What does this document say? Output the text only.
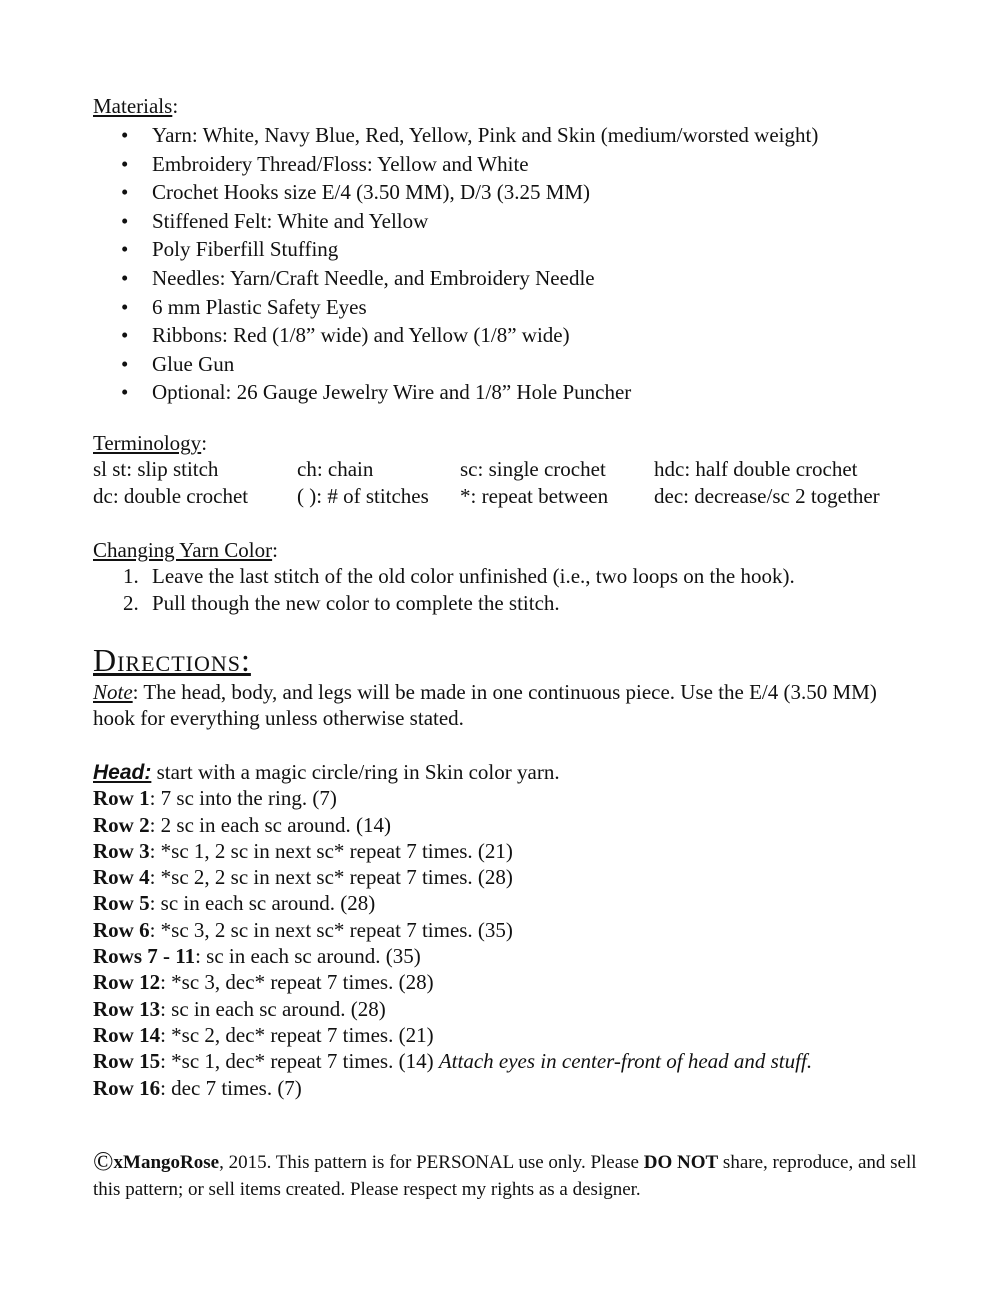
Materials:
• Yarn: White, Navy Blue, Red, Yellow, Pink and Skin (medium/worsted weight)
• Embroidery Thread/Floss: Yellow and White
• Crochet Hooks size E/4 (3.50 MM), D/3 (3.25 MM)
• Stiffened Felt: White and Yellow
• Poly Fiberfill Stuffing
• Needles: Yarn/Craft Needle, and Embroidery Needle
• 6 mm Plastic Safety Eyes
• Ribbons: Red (1/8” wide) and Yellow (1/8” wide)
• Glue Gun
• Optional: 26 Gauge Jewelry Wire and 1/8” Hole Puncher
Terminology:
sl st: slip stitch	ch: chain	sc: single crochet	hdc: half double crochet
dc: double crochet	( ): # of stitches	*: repeat between	dec: decrease/sc 2 together
Changing Yarn Color:
1. Leave the last stitch of the old color unfinished (i.e., two loops on the hook).
2. Pull though the new color to complete the stitch.
Directions:
Note: The head, body, and legs will be made in one continuous piece. Use the E/4 (3.50 MM) hook for everything unless otherwise stated.
Head: start with a magic circle/ring in Skin color yarn.
Row 1: 7 sc into the ring. (7)
Row 2: 2 sc in each sc around. (14)
Row 3: *sc 1, 2 sc in next sc* repeat 7 times. (21)
Row 4: *sc 2, 2 sc in next sc* repeat 7 times. (28)
Row 5: sc in each sc around. (28)
Row 6: *sc 3, 2 sc in next sc* repeat 7 times. (35)
Rows 7 - 11: sc in each sc around. (35)
Row 12: *sc 3, dec* repeat 7 times. (28)
Row 13: sc in each sc around. (28)
Row 14: *sc 2, dec* repeat 7 times. (21)
Row 15: *sc 1, dec* repeat 7 times. (14) Attach eyes in center-front of head and stuff.
Row 16: dec 7 times. (7)
©xMangoRose, 2015. This pattern is for PERSONAL use only. Please DO NOT share, reproduce, and sell this pattern; or sell items created. Please respect my rights as a designer.
